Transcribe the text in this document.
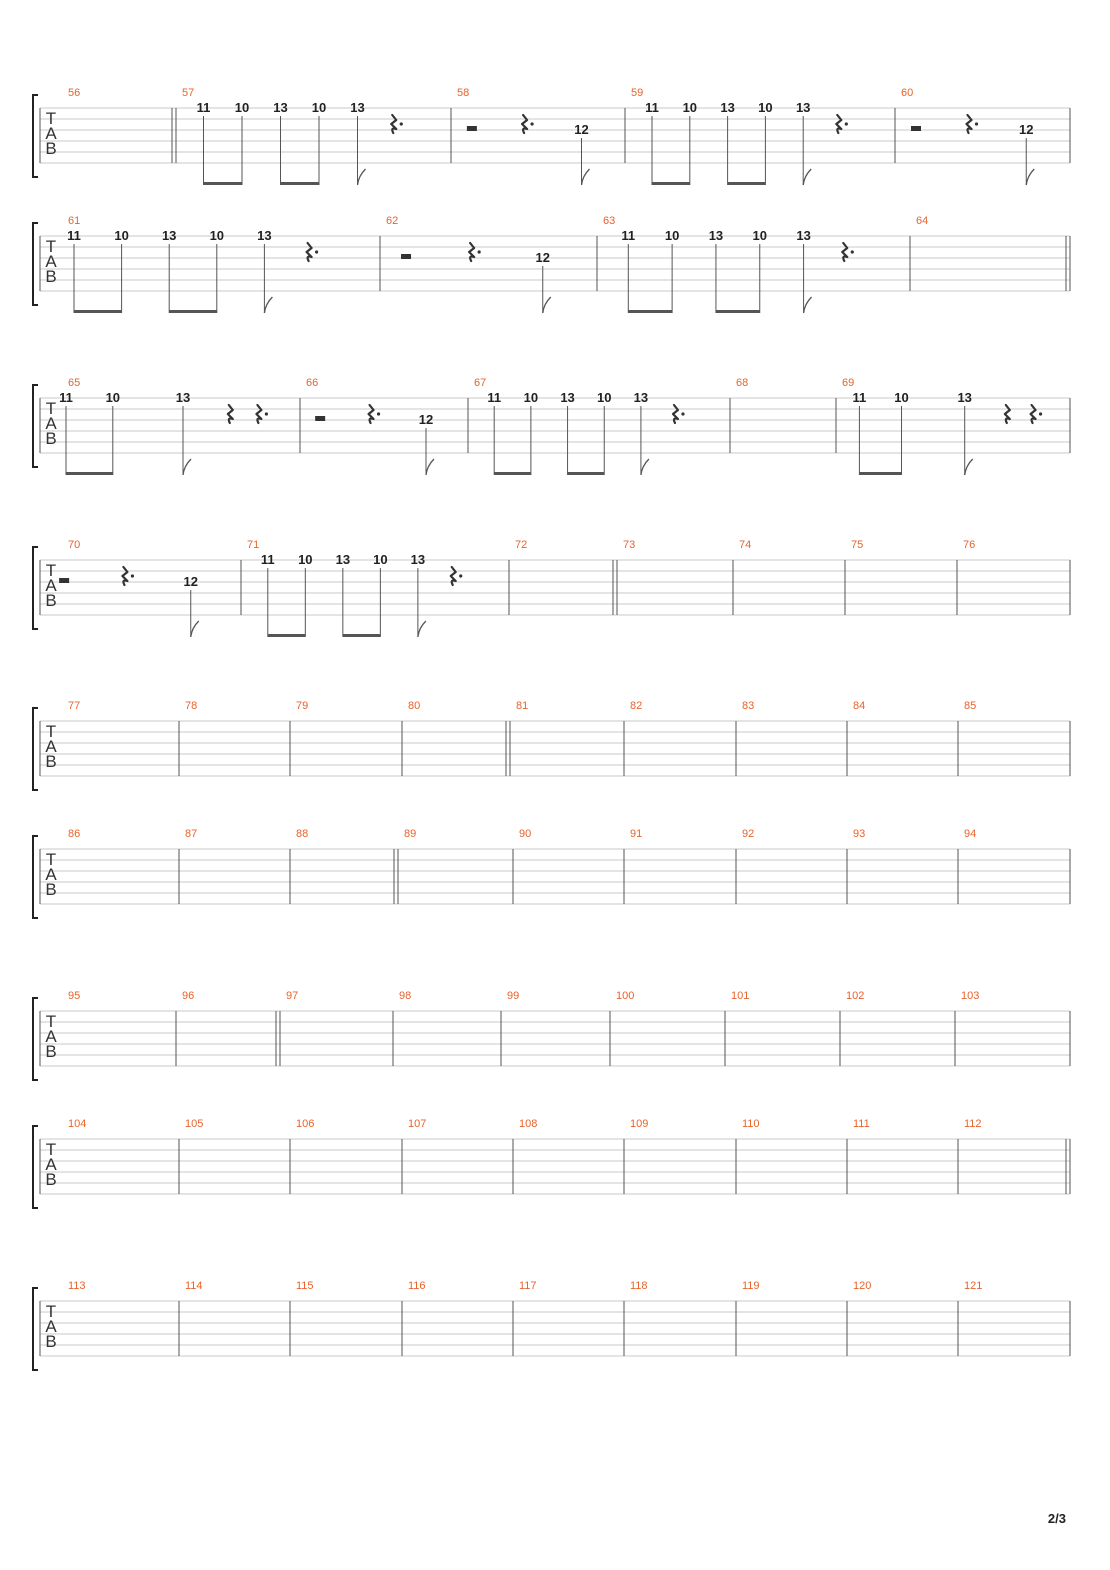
2/3
T
A
B
56	57
11 10 13 10 13
58
12
59
11 10 13 10 13
60
12
T
A
B
61
11	10	13	10	13
62
12
63
11 10 13 10 13
64
T
A
B
65
11	10	13
66
12
67
11 10 13 10 13
68	69
11 10	13
T
A
B
70
12
71
11 10 13 10 13
72	73	74	75	76
T
A
B
77	78	79	80	81	82	83	84	85
T
A
B
86	87	88	89	90	91	92	93	94
T
A
B
95	96	97	98	99	100	101	102	103
T
A
B
104	105	106	107	108	109	110	111	112
T
A
B
113	114	115	116	117	118	119	120	121
